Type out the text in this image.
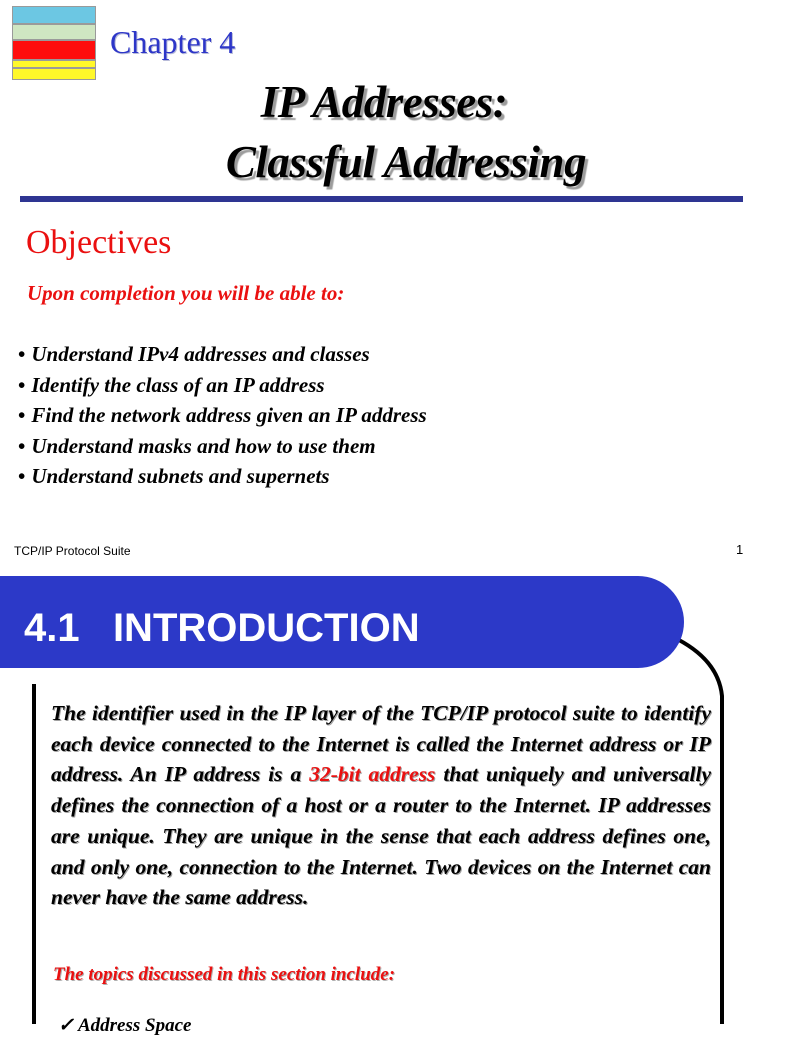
Chapter 4
IP Addresses:
Classful Addressing
Objectives
Upon completion you will be able to:
• Understand IPv4 addresses and classes
• Identify the class of an IP address
• Find the network address given an IP address
• Understand masks and how to use them
• Understand subnets and supernets
TCP/IP Protocol Suite	1
4.1   INTRODUCTION

The identifier used in the IP layer of the TCP/IP protocol suite to identify each device connected to the Internet is called the Internet address or IP address. An IP address is a 32-bit address that uniquely and universally defines the connection of a host or a router to the Internet. IP addresses are unique. They are unique in the sense that each address defines one, and only one, connection to the Internet. Two devices on the Internet can never have the same address.

The topics discussed in this section include:
✓ Address Space
